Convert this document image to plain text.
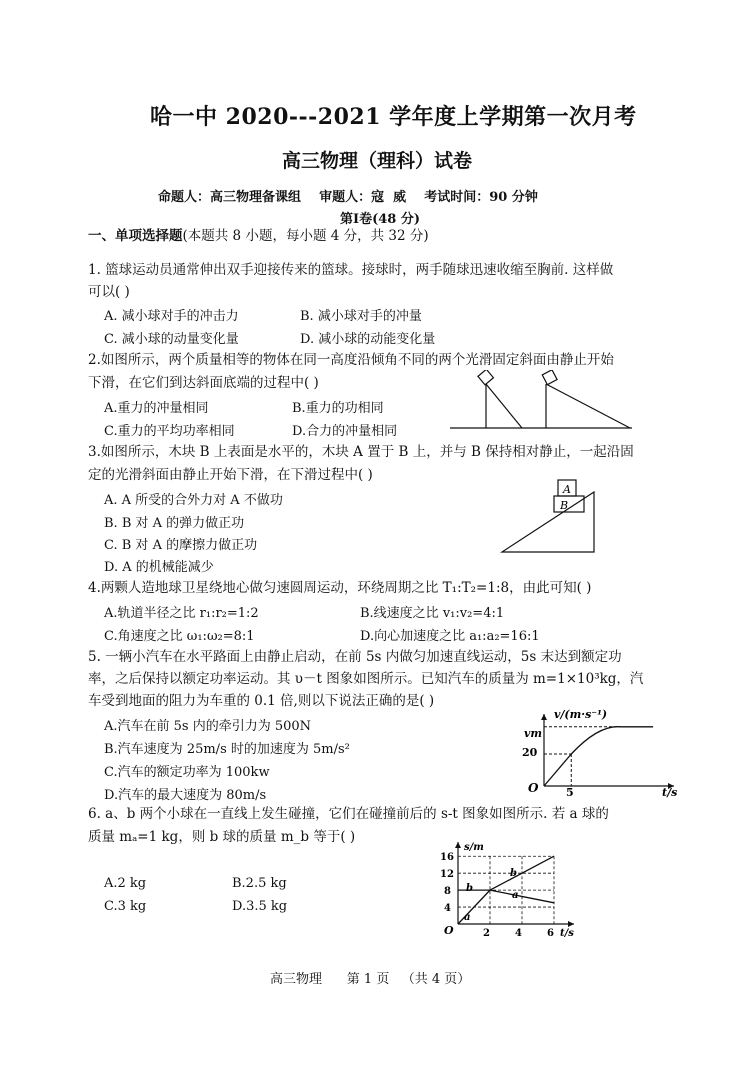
哈一中 2020---2021 学年度上学期第一次月考
高三物理（理科）试卷
命题人：高三物理备课组    审题人：寇  威    考试时间：90 分钟
第Ⅰ卷(48 分)
一、单项选择题(本题共 8 小题，每小题 4 分，共 32 分)
1. 篮球运动员通常伸出双手迎接传来的篮球。接球时，两手随球迅速收缩至胸前. 这样做
可以( )
A. 减小球对手的冲击力	B. 减小球对手的冲量
C. 减小球的动量变化量	D. 减小球的动能变化量
2.如图所示，两个质量相等的物体在同一高度沿倾角不同的两个光滑固定斜面由静止开始
下滑，在它们到达斜面底端的过程中( )
A.重力的冲量相同	B.重力的功相同
C.重力的平均功率相同	D.合力的冲量相同
3.如图所示，木块 B 上表面是水平的，木块 A 置于 B 上，并与 B 保持相对静止，一起沿固
定的光滑斜面由静止开始下滑，在下滑过程中( )
A. A 所受的合外力对 A 不做功
B. B 对 A 的弹力做正功
C. B 对 A 的摩擦力做正功
D. A 的机械能减少
A
B
4.两颗人造地球卫星绕地心做匀速圆周运动，环绕周期之比 T₁:T₂=1:8，由此可知( )
A.轨道半径之比 r₁:r₂=1:2	B.线速度之比 v₁:v₂=4:1
C.角速度之比 ω₁:ω₂=8:1	D.向心加速度之比 a₁:a₂=16:1
5. 一辆小汽车在水平路面上由静止启动，在前 5s 内做匀加速直线运动，5s 末达到额定功
率，之后保持以额定功率运动。其 υ－t 图象如图所示。已知汽车的质量为 m=1×10³kg，汽
车受到地面的阻力为车重的 0.1 倍,则以下说法正确的是( )
A.汽车在前 5s 内的牵引力为 500N
B.汽车速度为 25m/s 时的加速度为 5m/s²
C.汽车的额定功率为 100kw
D.汽车的最大速度为 80m/s
v/(m·s⁻¹)
vm
20
5	t/s
O
6. a、b 两个小球在一直线上发生碰撞，它们在碰撞前后的 s-t 图象如图所示. 若 a 球的
质量 mₐ=1 kg，则 b 球的质量 m_b 等于( )
A.2 kg	B.2.5 kg
C.3 kg	D.3.5 kg
s/m
t/s
O
16
12
8
4
2	4	6
a
b
b
a
高三物理      第 1 页   （共 4 页）
